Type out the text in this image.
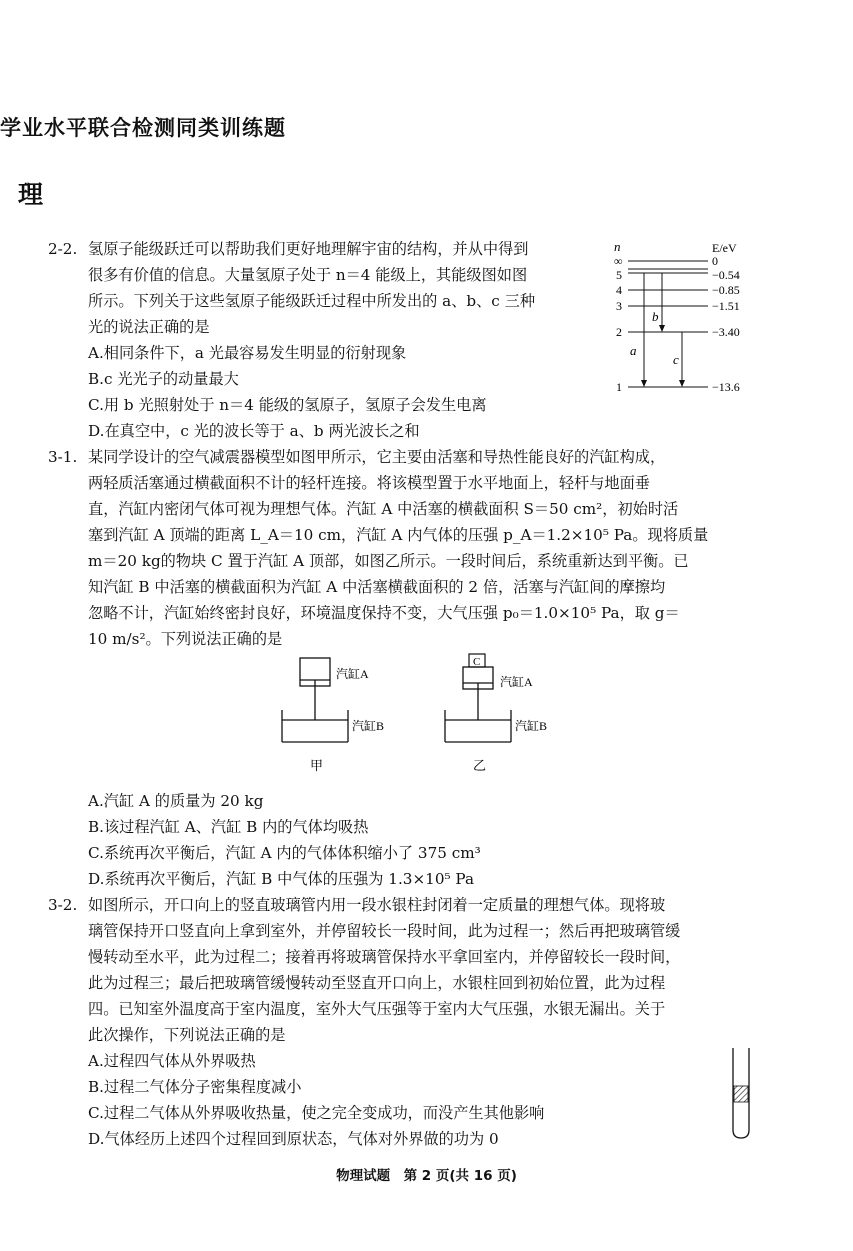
学业水平联合检测同类训练题
理
2-2. 氢原子能级跃迁可以帮助我们更好地理解宇宙的结构，并从中得到
很多有价值的信息。大量氢原子处于 n＝4 能级上，其能级图如图
所示。下列关于这些氢原子能级跃迁过程中所发出的 a、b、c 三种
光的说法正确的是
A.相同条件下，a 光最容易发生明显的衍射现象
B.c 光光子的动量最大
C.用 b 光照射处于 n＝4 能级的氢原子，氢原子会发生电离
D.在真空中，c 光的波长等于 a、b 两光波长之和
n	E/eV
∞
5
4
3
2
1
0
−0.54
−0.85
−1.51
−3.40
−13.6
a
b
c
3-1. 某同学设计的空气减震器模型如图甲所示，它主要由活塞和导热性能良好的汽缸构成，
两轻质活塞通过横截面积不计的轻杆连接。将该模型置于水平地面上，轻杆与地面垂
直，汽缸内密闭气体可视为理想气体。汽缸 A 中活塞的横截面积 S＝50 cm²，初始时活
塞到汽缸 A 顶端的距离 L_A＝10 cm，汽缸 A 内气体的压强 p_A＝1.2×10⁵ Pa。现将质量
m＝20 kg的物块 C 置于汽缸 A 顶部，如图乙所示。一段时间后，系统重新达到平衡。已
知汽缸 B 中活塞的横截面积为汽缸 A 中活塞横截面积的 2 倍，活塞与汽缸间的摩擦均
忽略不计，汽缸始终密封良好，环境温度保持不变，大气压强 p₀＝1.0×10⁵ Pa，取 g＝
10 m/s²。下列说法正确的是
汽缸A
汽缸B
甲
C
汽缸A
汽缸B
乙
A.汽缸 A 的质量为 20 kg
B.该过程汽缸 A、汽缸 B 内的气体均吸热
C.系统再次平衡后，汽缸 A 内的气体体积缩小了 375 cm³
D.系统再次平衡后，汽缸 B 中气体的压强为 1.3×10⁵ Pa
3-2. 如图所示，开口向上的竖直玻璃管内用一段水银柱封闭着一定质量的理想气体。现将玻
璃管保持开口竖直向上拿到室外，并停留较长一段时间，此为过程一；然后再把玻璃管缓
慢转动至水平，此为过程二；接着再将玻璃管保持水平拿回室内，并停留较长一段时间，
此为过程三；最后把玻璃管缓慢转动至竖直开口向上，水银柱回到初始位置，此为过程
四。已知室外温度高于室内温度，室外大气压强等于室内大气压强，水银无漏出。关于
此次操作，下列说法正确的是
A.过程四气体从外界吸热
B.过程二气体分子密集程度减小
C.过程二气体从外界吸收热量，使之完全变成功，而没产生其他影响
D.气体经历上述四个过程回到原状态，气体对外界做的功为 0
物理试题　第 2 页(共 16 页)
